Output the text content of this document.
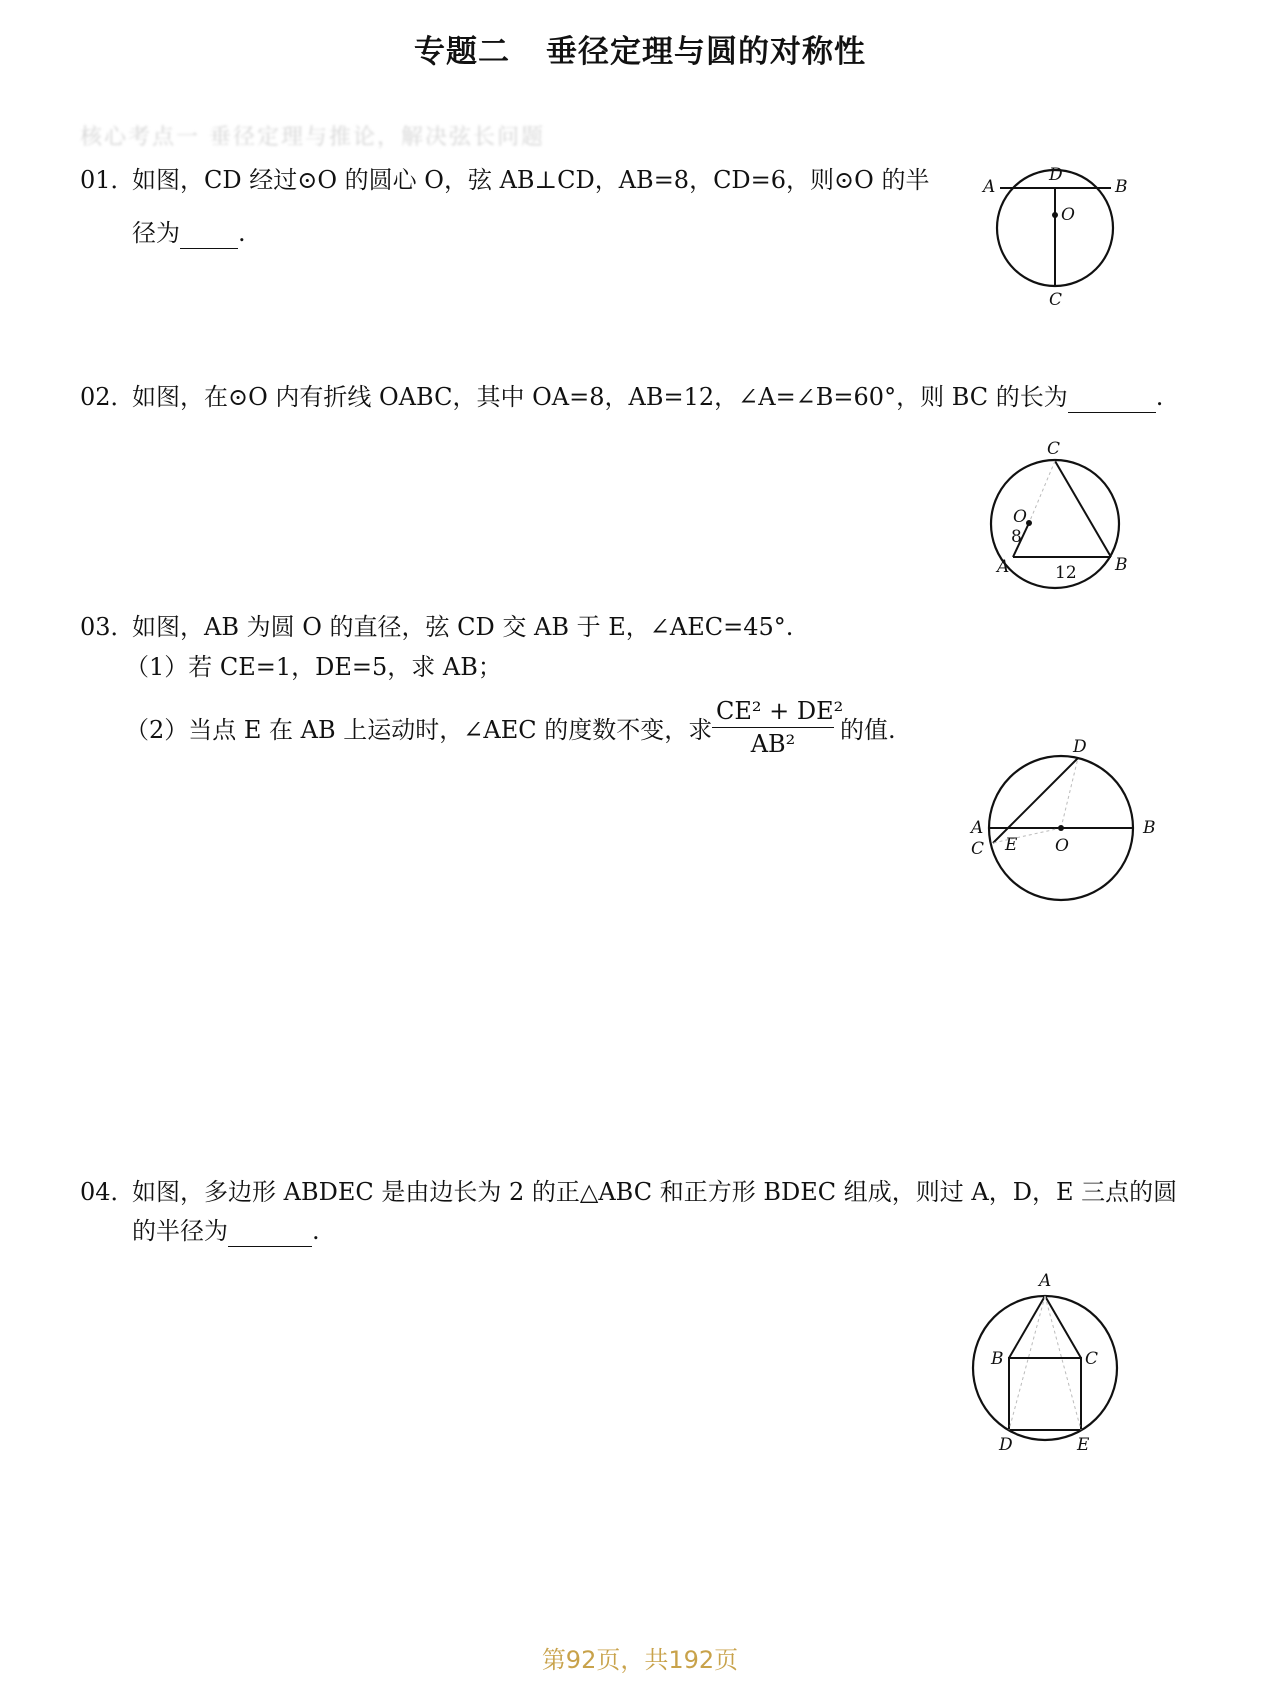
专题二 垂径定理与圆的对称性
核心考点一 垂径定理与推论，解决弦长问题
01．如图，CD 经过⊙O 的圆心 O，弦 AB⊥CD，AB=8，CD=6，则⊙O 的半
径为 .
A	B
D
O
C
02．如图，在⊙O 内有折线 OABC，其中 OA=8，AB=12，∠A=∠B=60°，则 BC 的长为	.
C
O
8
A	B
12
03．如图，AB 为圆 O 的直径，弦 CD 交 AB 于 E，∠AEC=45°.
（1）若 CE=1，DE=5，求 AB；
（2）当点 E 在 AB 上运动时，∠AEC 的度数不变，求
CE² + DE²
AB²	的值.
D
A
C E O
B
04．如图，多边形 ABDEC 是由边长为 2 的正△ABC 和正方形 BDEC 组成，则过 A，D，E 三点的圆
的半径为	.
A
B	C
D	E
第92页，共192页
